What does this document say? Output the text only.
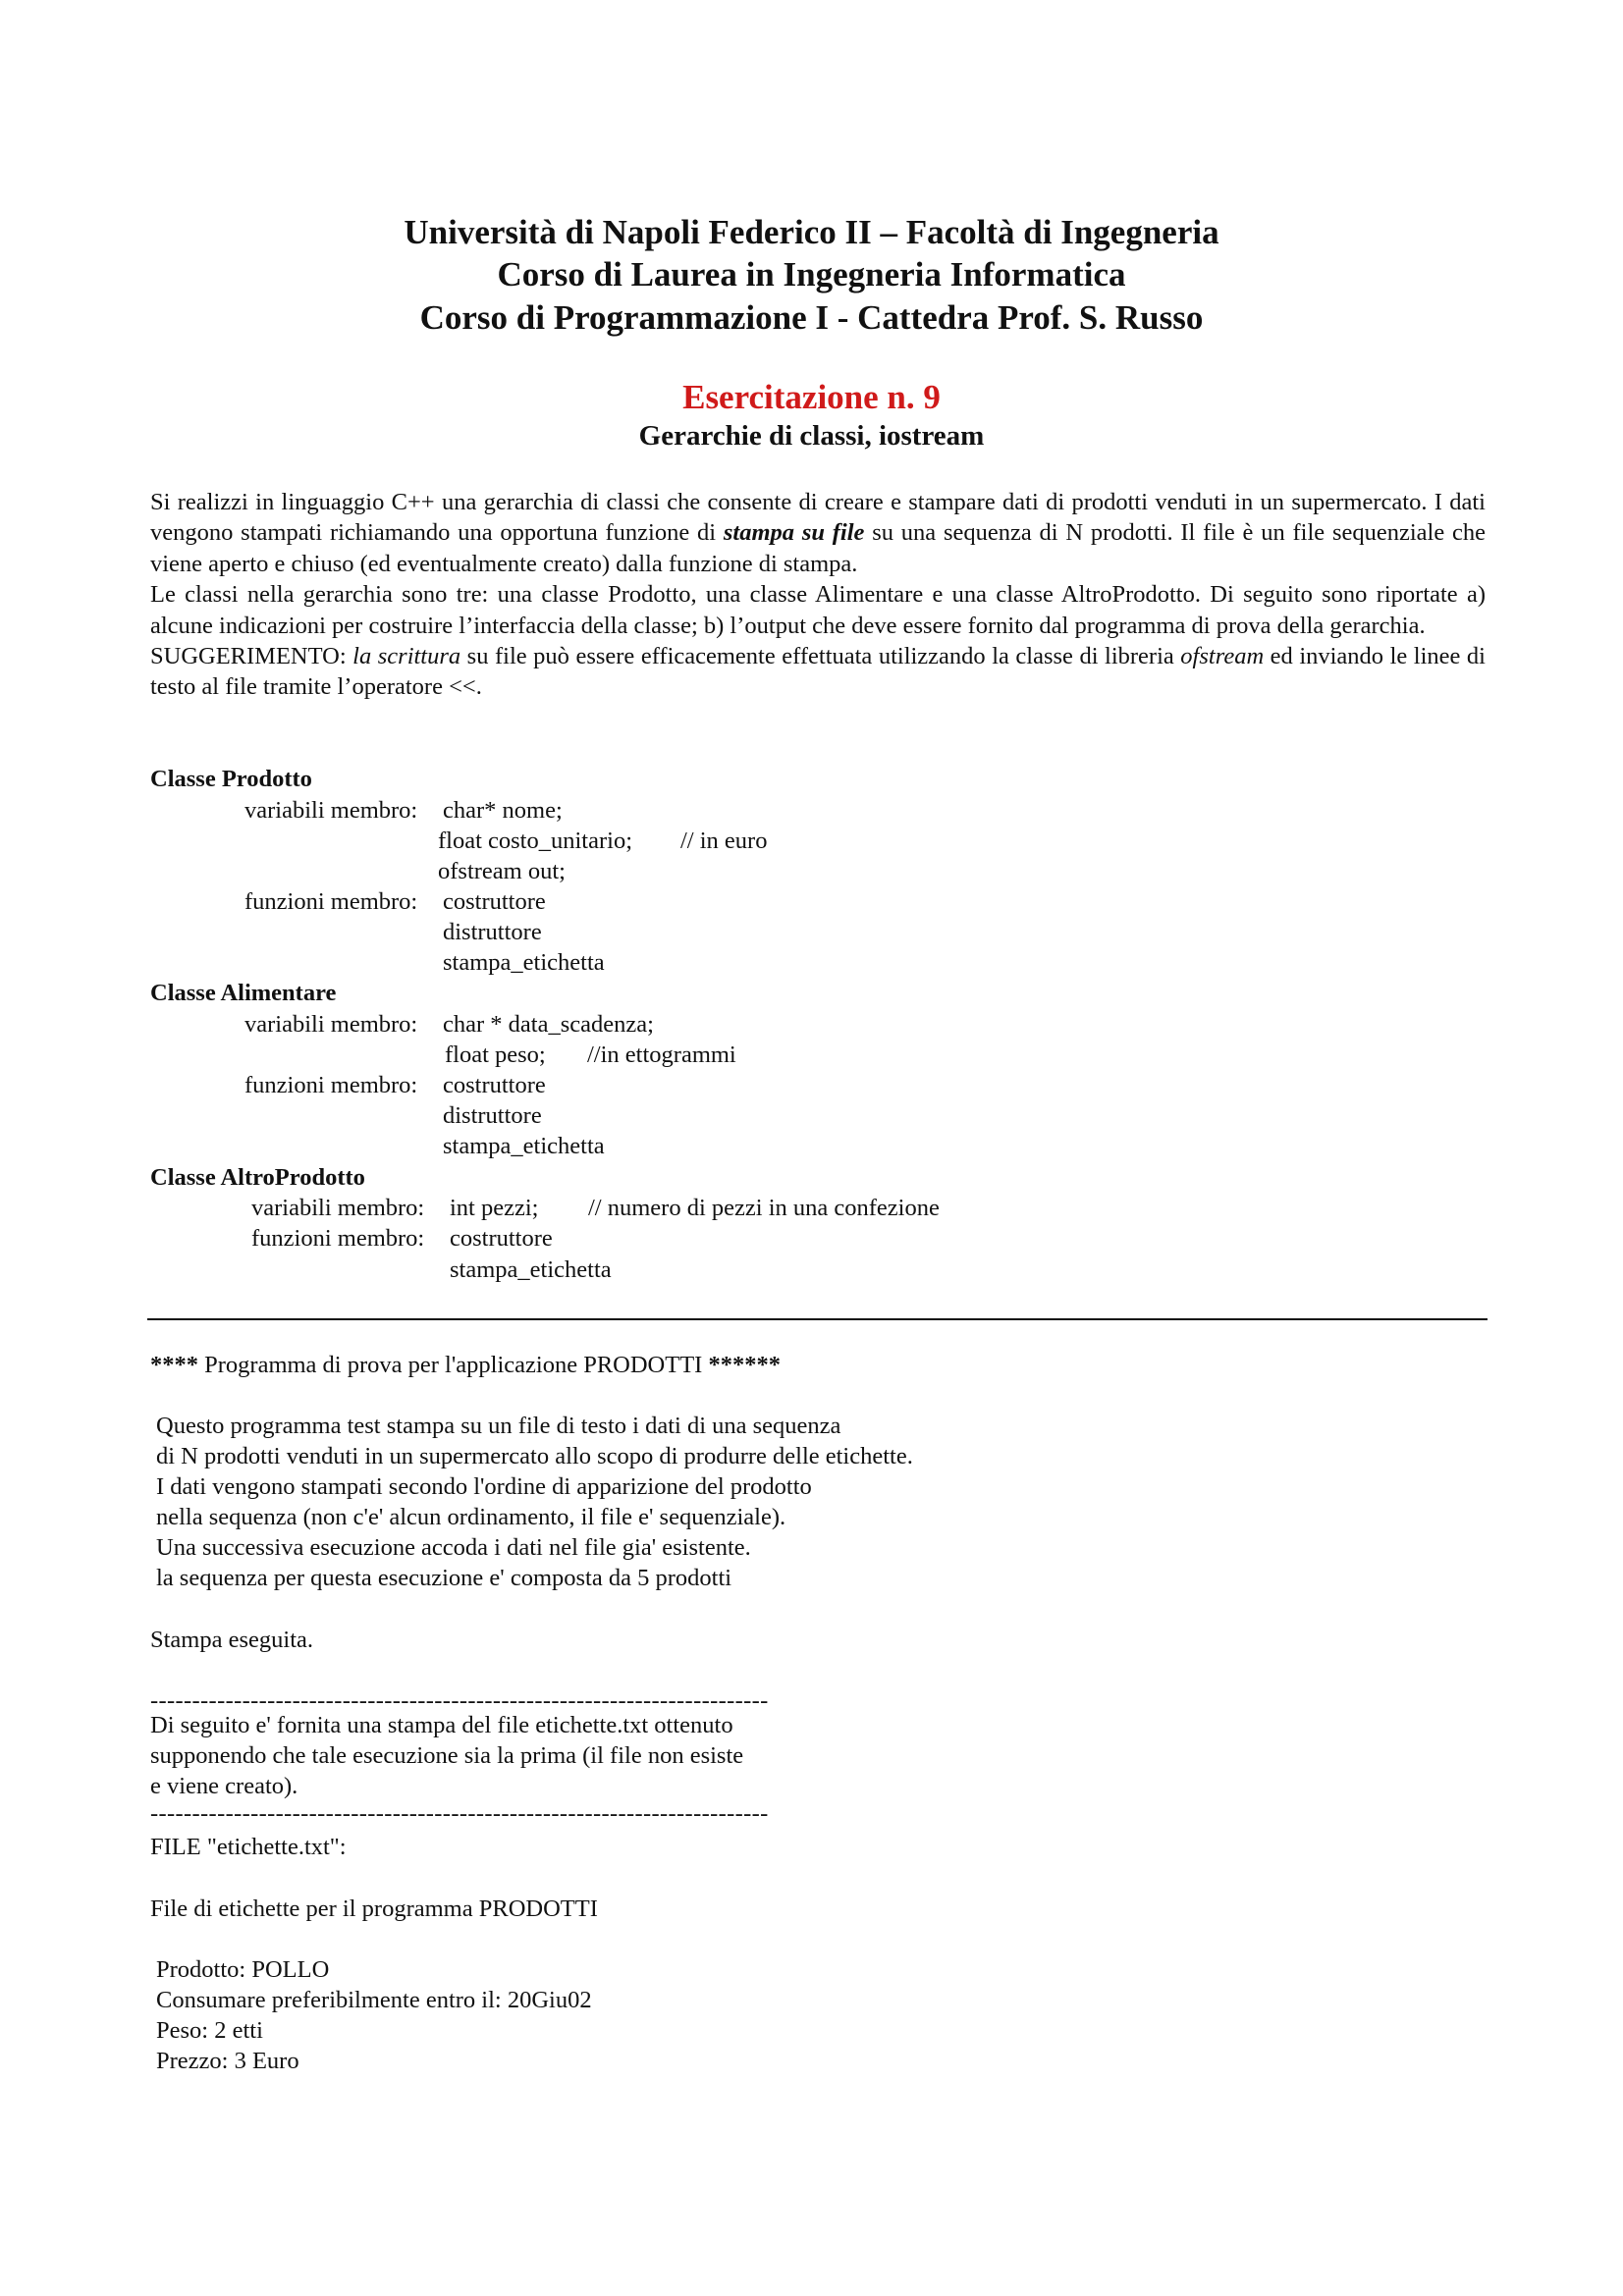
Università di Napoli Federico II – Facoltà di Ingegneria
Corso di Laurea in Ingegneria Informatica
Corso di Programmazione I - Cattedra Prof. S. Russo
Esercitazione n. 9
Gerarchie di classi, iostream

Si realizzi in linguaggio C++ una gerarchia di classi che consente di creare e stampare dati di prodotti venduti in un supermercato. I dati vengono stampati richiamando una opportuna funzione di stampa su file su una sequenza di N prodotti. Il file è un file sequenziale che viene aperto e chiuso (ed eventualmente creato) dalla funzione di stampa.

Le classi nella gerarchia sono tre: una classe Prodotto, una classe Alimentare e una classe AltroProdotto. Di seguito sono riportate a) alcune indicazioni per costruire l’interfaccia della classe; b) l’output che deve essere fornito dal programma di prova della gerarchia.

SUGGERIMENTO: la scrittura su file può essere efficacemente effettuata utilizzando la classe di libreria ofstream ed inviando le linee di testo al file tramite l’operatore <<.

Classe Prodotto
variabili membro: char* nome;
float costo_unitario; // in euro
ofstream out;
funzioni membro: costruttore
distruttore
stampa_etichetta
Classe Alimentare
variabili membro: char * data_scadenza;
float peso; //in ettogrammi
funzioni membro: costruttore
distruttore
stampa_etichetta
Classe AltroProdotto
variabili membro: int pezzi; // numero di pezzi in una confezione
funzioni membro: costruttore
stampa_etichetta
**** Programma di prova per l'applicazione PRODOTTI ******
Questo programma test stampa su un file di testo i dati di una sequenza
di N prodotti venduti in un supermercato allo scopo di produrre delle etichette.
I dati vengono stampati secondo l'ordine di apparizione del prodotto
nella sequenza (non c'e' alcun ordinamento, il file e' sequenziale).
Una successiva esecuzione accoda i dati nel file gia' esistente.
la sequenza per questa esecuzione e' composta da 5 prodotti
Stampa eseguita.
--------------------------------------------------------------------------
Di seguito e' fornita una stampa del file etichette.txt ottenuto
supponendo che tale esecuzione sia la prima (il file non esiste
e viene creato).
--------------------------------------------------------------------------
FILE "etichette.txt":
File di etichette per il programma PRODOTTI
Prodotto: POLLO
Consumare preferibilmente entro il: 20Giu02
Peso: 2 etti
Prezzo: 3 Euro
